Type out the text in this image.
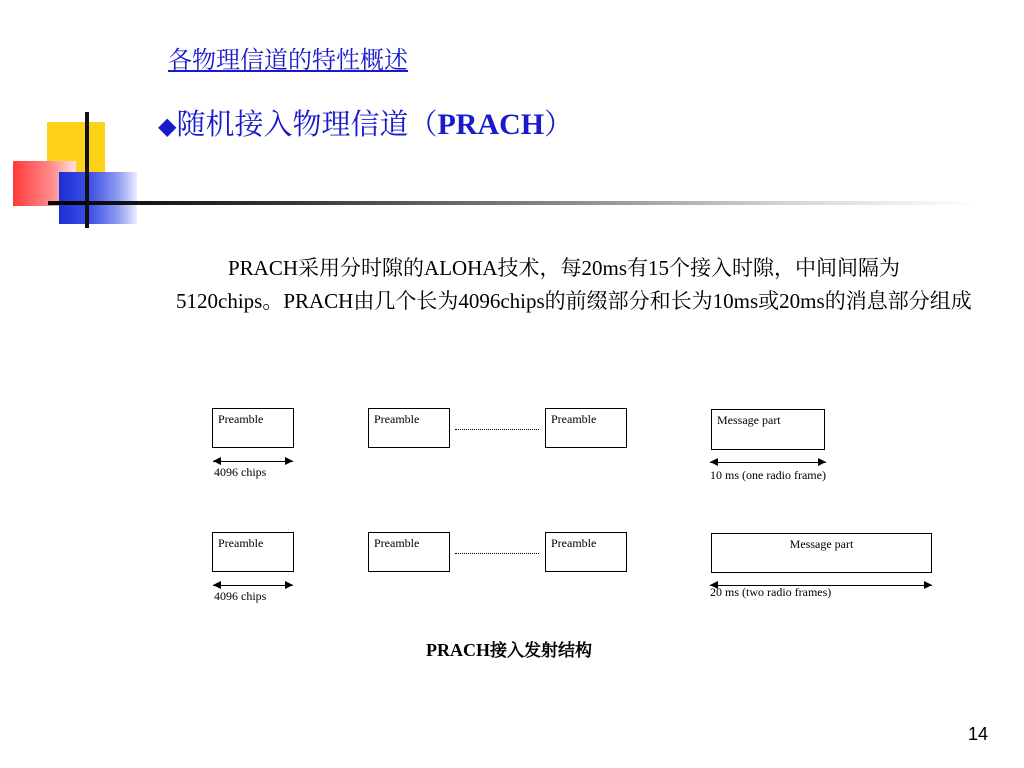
各物理信道的特性概述
◆随机接入物理信道（PRACH）

PRACH采用分时隙的ALOHA技术，每20ms有15个接入时隙，中间间隔为5120chips。PRACH由几个长为4096chips的前缀部分和长为10ms或20ms的消息部分组成

Preamble	Preamble	Preamble	Message part
4096 chips	10 ms (one radio frame)
Preamble	Preamble	Preamble	Message part
4096 chips	20 ms (two radio frames)
PRACH接入发射结构
14
